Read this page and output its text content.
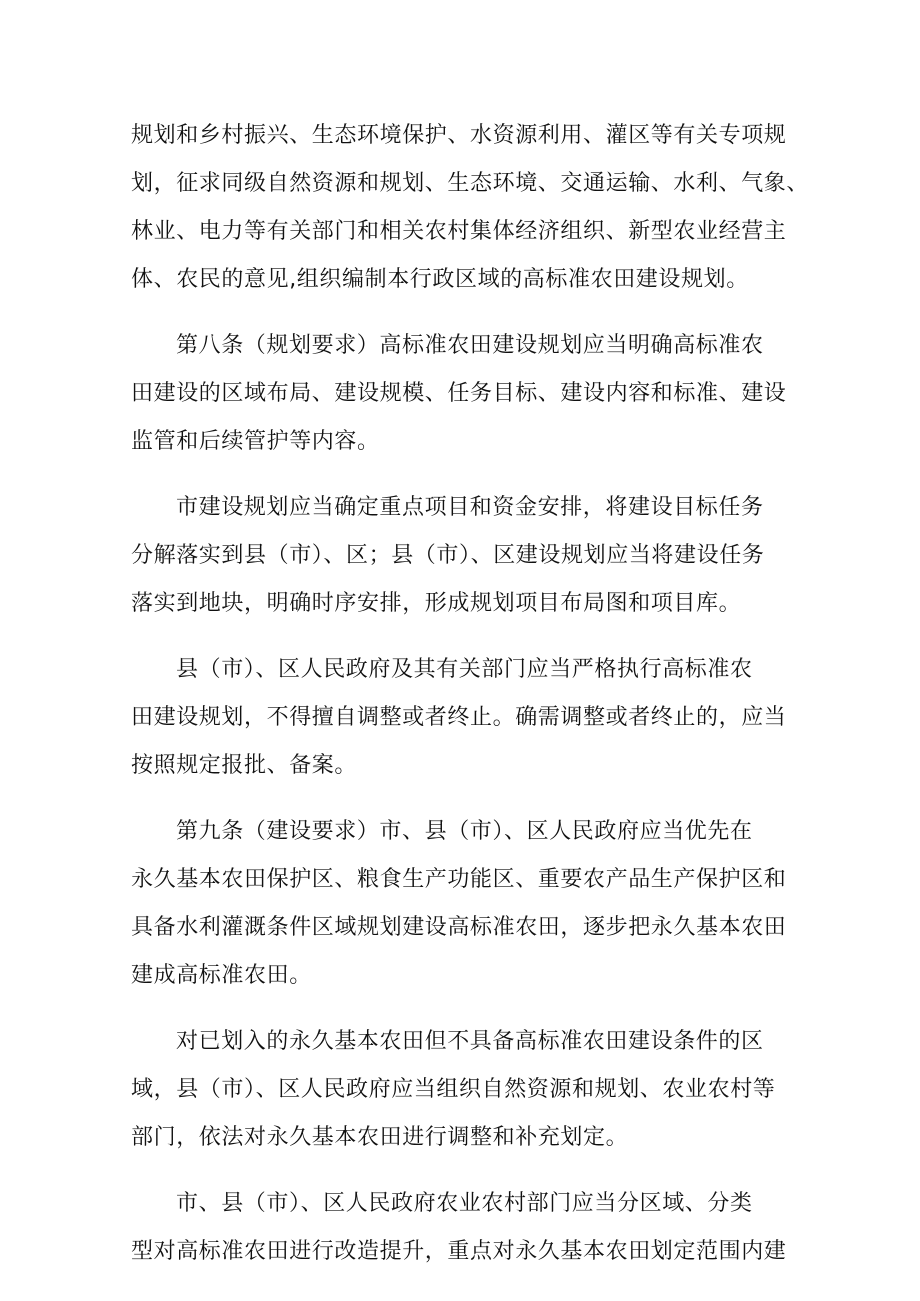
规划和乡村振兴、生态环境保护、水资源利用、灌区等有关专项规
划，征求同级自然资源和规划、生态环境、交通运输、水利、气象、
林业、电力等有关部门和相关农村集体经济组织、新型农业经营主
体、农民的意见,组织编制本行政区域的高标准农田建设规划。
第八条（规划要求）高标准农田建设规划应当明确高标准农
田建设的区域布局、建设规模、任务目标、建设内容和标准、建设
监管和后续管护等内容。
市建设规划应当确定重点项目和资金安排，将建设目标任务
分解落实到县（市）、区；县（市）、区建设规划应当将建设任务
落实到地块，明确时序安排，形成规划项目布局图和项目库。
县（市）、区人民政府及其有关部门应当严格执行高标准农
田建设规划，不得擅自调整或者终止。确需调整或者终止的，应当
按照规定报批、备案。
第九条（建设要求）市、县（市）、区人民政府应当优先在
永久基本农田保护区、粮食生产功能区、重要农产品生产保护区和
具备水利灌溉条件区域规划建设高标准农田，逐步把永久基本农田
建成高标准农田。
对已划入的永久基本农田但不具备高标准农田建设条件的区
域，县（市）、区人民政府应当组织自然资源和规划、农业农村等
部门，依法对永久基本农田进行调整和补充划定。
市、县（市）、区人民政府农业农村部门应当分区域、分类
型对高标准农田进行改造提升，重点对永久基本农田划定范围内建
